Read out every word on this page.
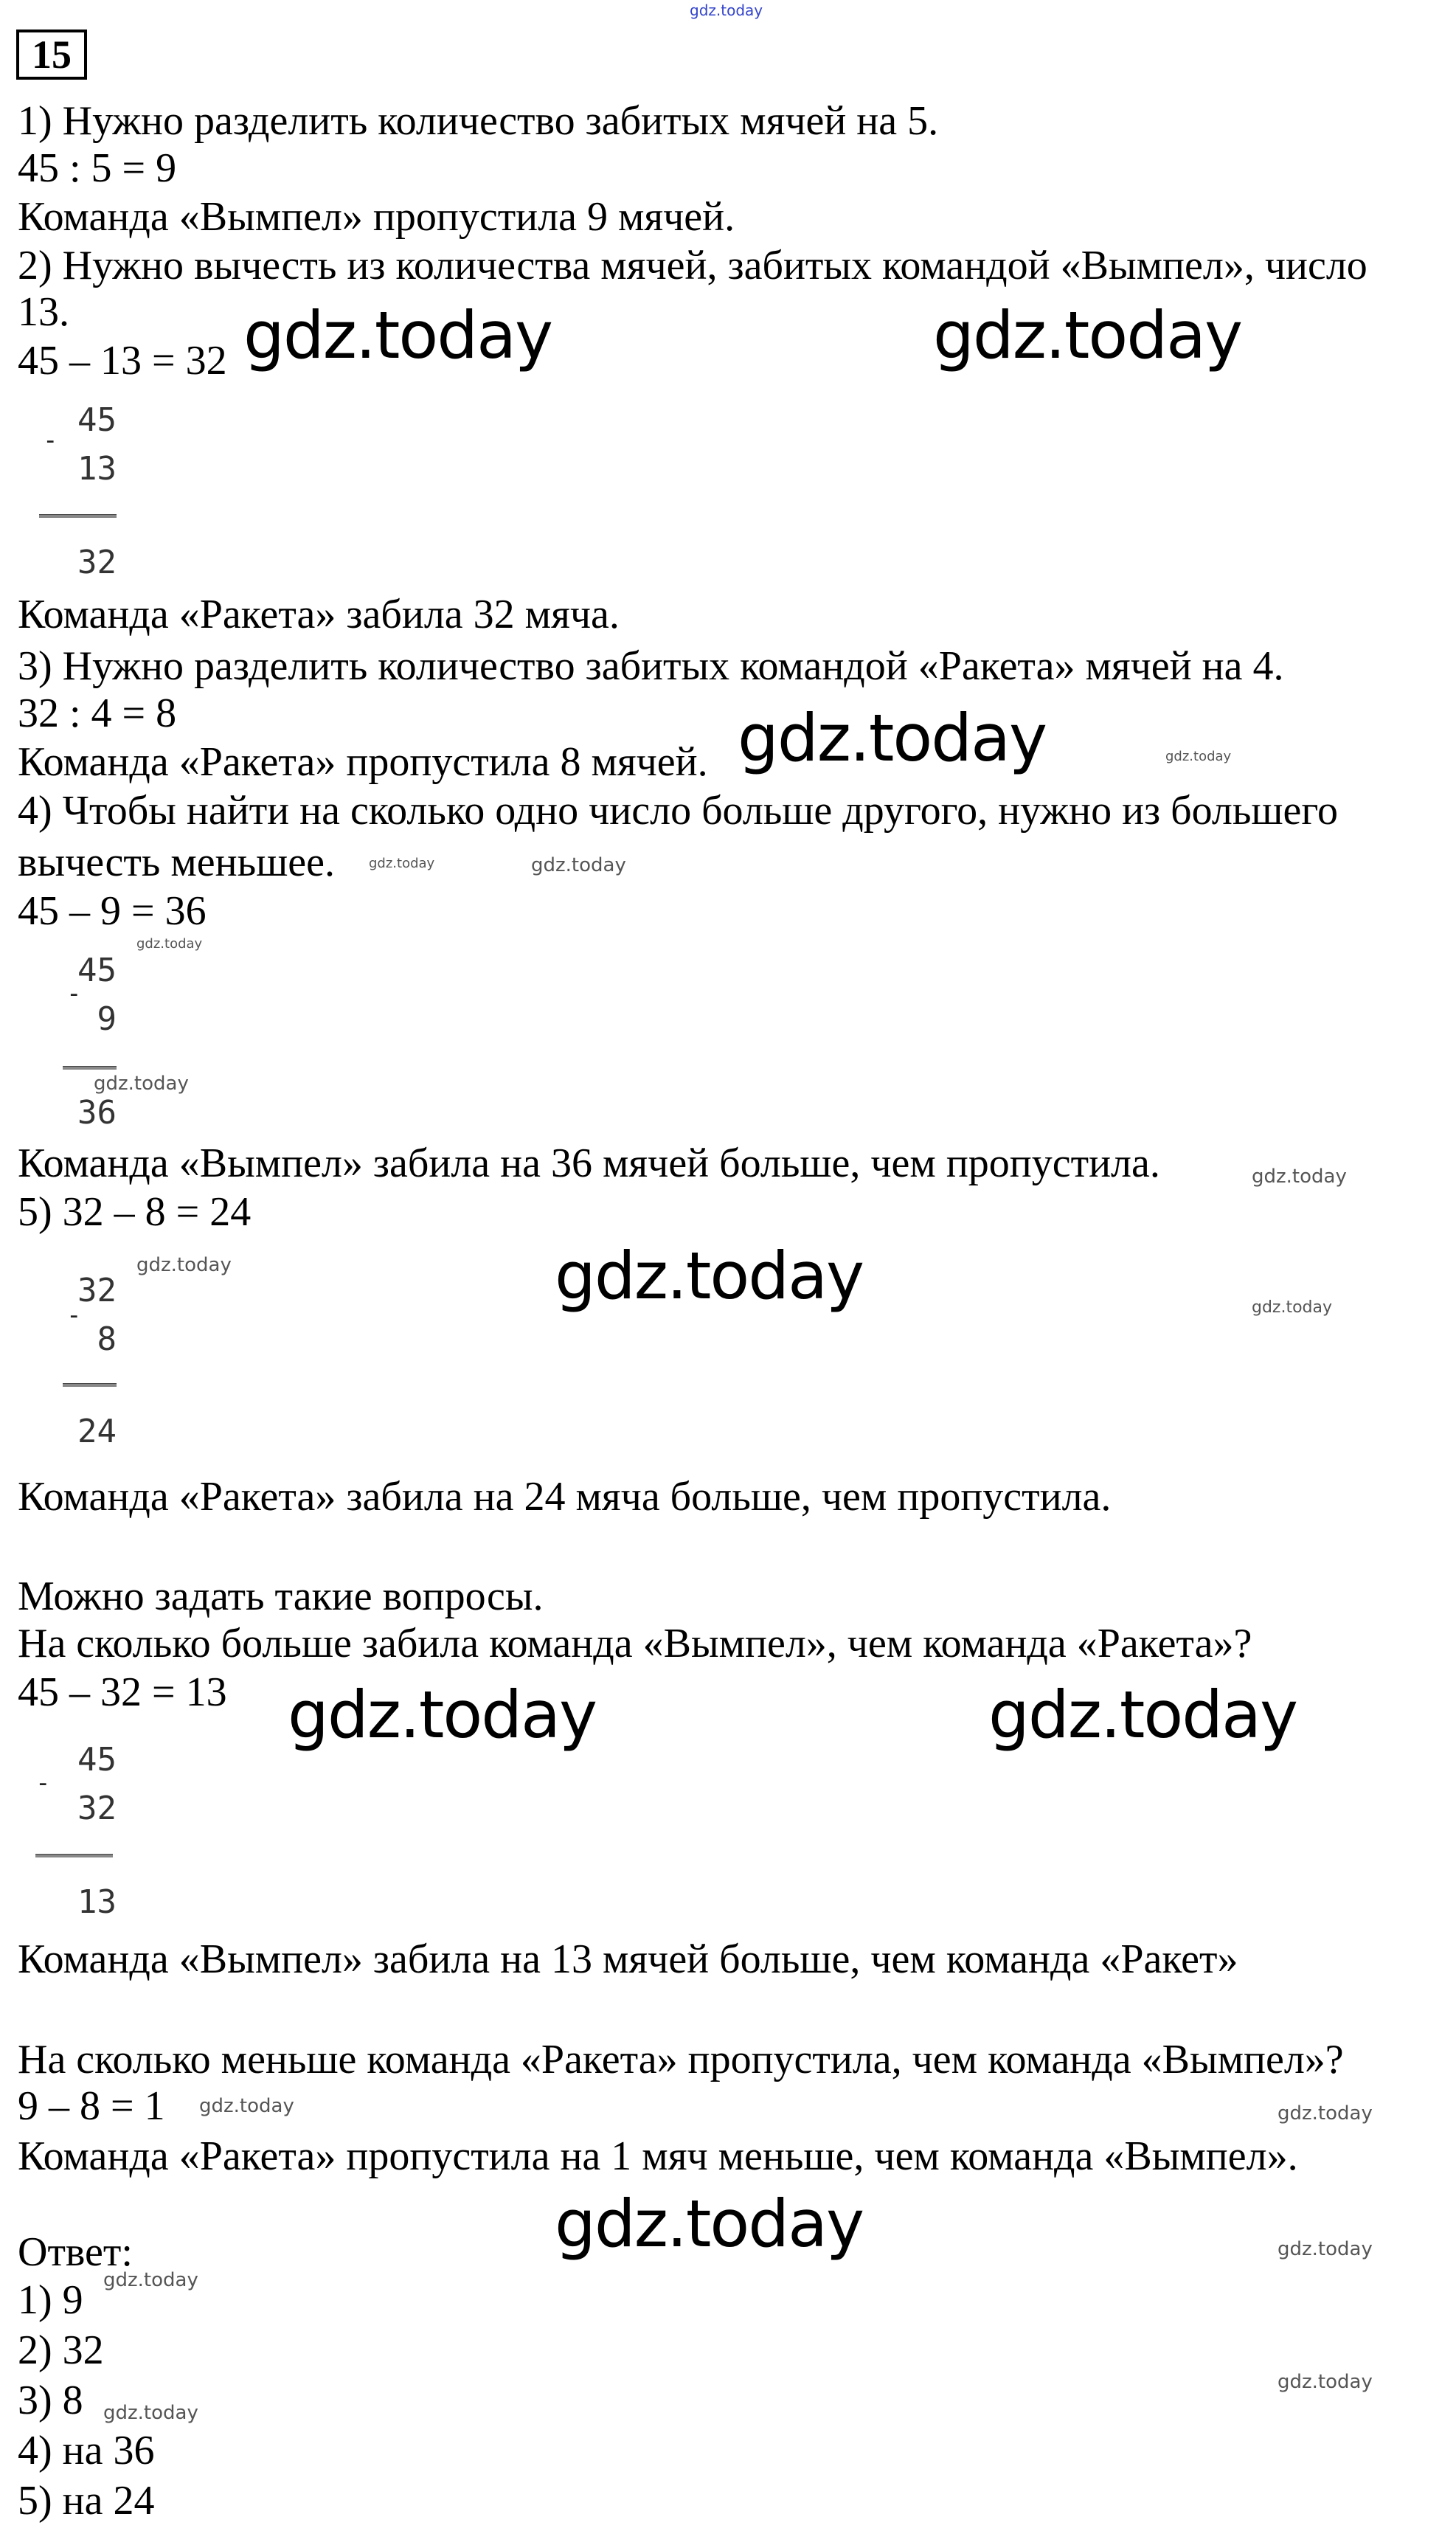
gdz.today
15
1) Нужно разделить количество забитых мячей на 5.
45 : 5 = 9
Команда «Вымпел» пропустила 9 мячей.
2) Нужно вычесть из количества мячей, забитых командой «Вымпел», число
13.
45 – 13 = 32
-
45
13
32
Команда «Ракета» забила 32 мяча.
3) Нужно разделить количество забитых командой «Ракета» мячей на 4.
32 : 4 = 8
Команда «Ракета» пропустила 8 мячей.
4) Чтобы найти на сколько одно число больше другого, нужно из большего
вычесть меньшее.
45 – 9 = 36
45
-
9
36
Команда «Вымпел» забила на 36 мячей больше, чем пропустила.
5) 32 – 8 = 24
32
-
8
24
Команда «Ракета» забила на 24 мяча больше, чем пропустила.
Можно задать такие вопросы.
На сколько больше забила команда «Вымпел», чем команда «Ракета»?
45 – 32 = 13
-
45
32
13
Команда «Вымпел» забила на 13 мячей больше, чем команда «Ракет»
На сколько меньше команда «Ракета» пропустила, чем команда «Вымпел»?
9 – 8 = 1
Команда «Ракета» пропустила на 1 мяч меньше, чем команда «Вымпел».
Ответ:
1) 9
2) 32
3) 8
4) на 36
5) на 24
gdz.today	gdz.today
gdz.today
gdz.today
gdz.today	gdz.today
gdz.today
gdz.today
gdz.today	gdz.today
gdz.today
gdz.today
gdz.today
gdz.today
gdz.today
gdz.today
gdz.today
gdz.today
gdz.today
gdz.today
gdz.today
